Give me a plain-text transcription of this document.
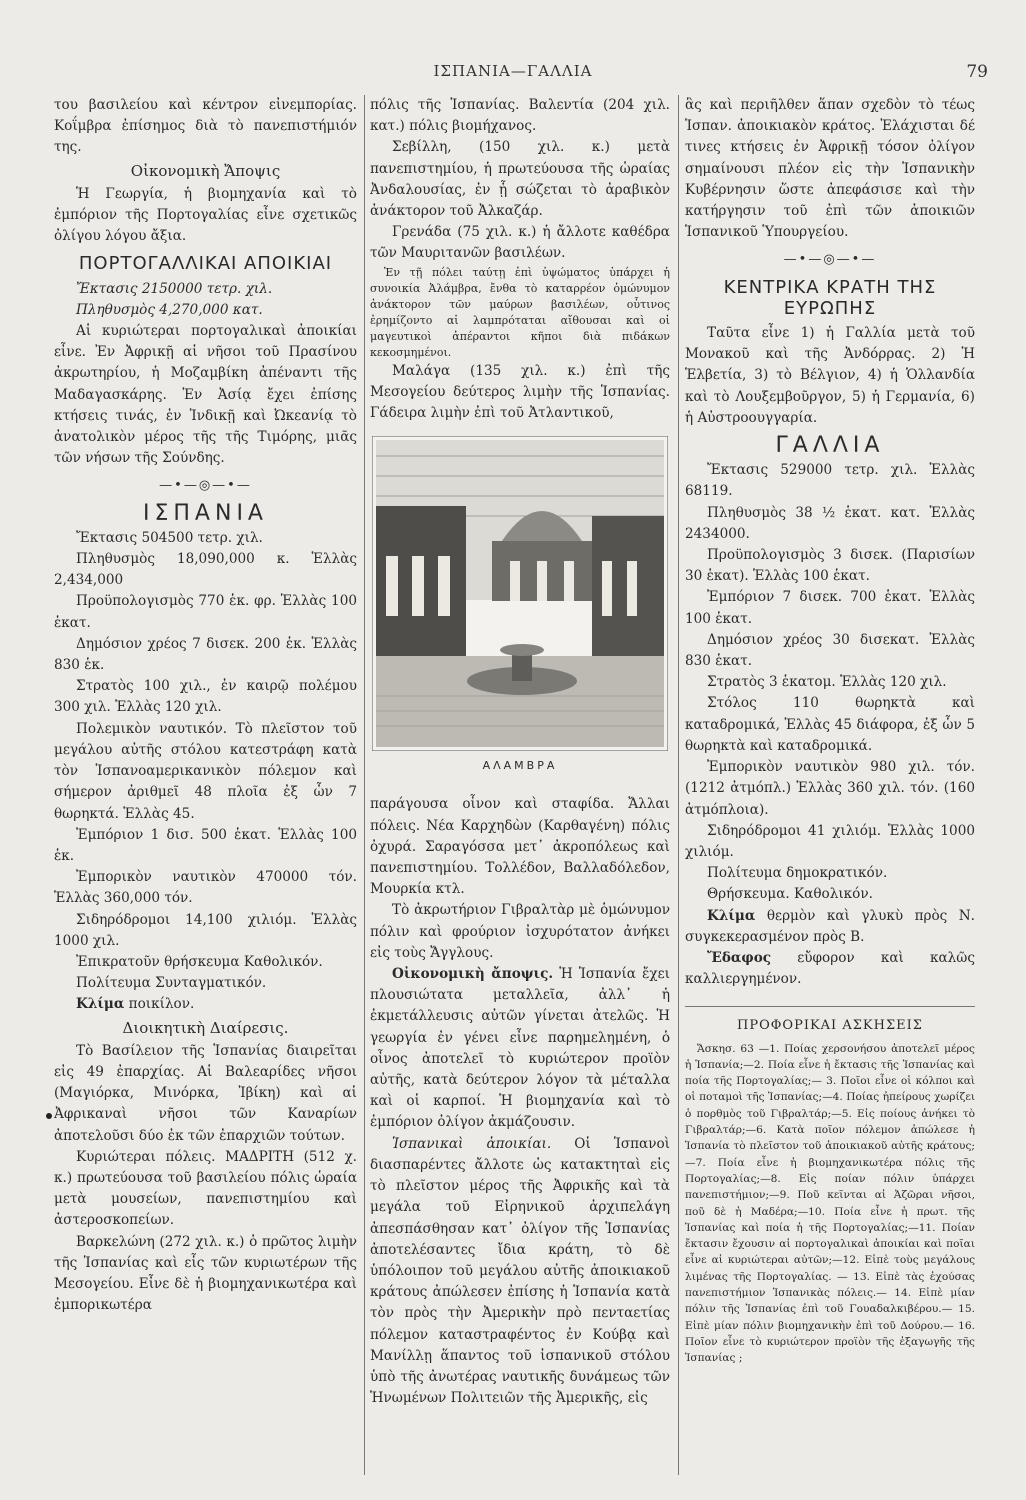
ΙΣΠΑΝΙΑ—ΓΑΛΛΙΑ	79

του βασιλείου καὶ κέντρον εἰνεμπορίας. Κοΐμβρα ἐπίσημος διὰ τὸ πανεπιστήμιόν της.

Οἰκονομικὴ Ἄποψις

Ἡ Γεωργία, ἡ βιομηχανία καὶ τὸ ἐμπόριον τῆς Πορτογαλίας εἶνε σχετικῶς ὀλίγου λόγου ἄξια.

ΠΟΡΤΟΓΑΛΛΙΚΑΙ ΑΠΟΙΚΙΑΙ

Ἔκτασις 2150000 τετρ. χιλ.

Πληθυσμὸς 4,270,000 κατ.

Αἱ κυριώτεραι πορτογαλικαὶ ἀποικίαι εἶνε. Ἐν Ἀφρικῇ αἱ νῆσοι τοῦ Πρασίνου ἀκρωτηρίου, ἡ Μοζαμβίκη ἀπέναντι τῆς Μαδαγασκάρης. Ἐν Ἀσίᾳ ἔχει ἐπίσης κτήσεις τινάς, ἐν Ἰνδικῇ καὶ Ὠκεανίᾳ τὸ ἀνατολικὸν μέρος τῆς τῆς Τιμόρης, μιᾶς τῶν νήσων τῆς Σούνδης.

—•—◎—•—
ΙΣΠΑΝΙΑ

Ἔκτασις 504500 τετρ. χιλ.

Πληθυσμὸς 18,090,000 κ. Ἑλλὰς 2,434,000

Προϋπολογισμὸς 770 ἑκ. φρ. Ἑλλὰς 100 ἑκατ.

Δημόσιον χρέος 7 δισεκ. 200 ἑκ. Ἑλλὰς 830 ἑκ.

Στρατὸς 100 χιλ., ἐν καιρῷ πολέμου 300 χιλ. Ἑλλὰς 120 χιλ.

Πολεμικὸν ναυτικόν. Τὸ πλεῖστον τοῦ μεγάλου αὐτῆς στόλου κατεστράφη κατὰ τὸν Ἱσπανοαμερικανικὸν πόλεμον καὶ σήμερον ἀριθμεῖ 48 πλοῖα ἐξ ὧν 7 θωρηκτά. Ἑλλὰς 45.

Ἐμπόριον 1 δισ. 500 ἑκατ. Ἑλλὰς 100 ἑκ.

Ἐμπορικὸν ναυτικὸν 470000 τόν. Ἑλλὰς 360,000 τόν.

Σιδηρόδρομοι 14,100 χιλιόμ. Ἑλλὰς 1000 χιλ.

Ἐπικρατοῦν θρήσκευμα Καθολικόν.

Πολίτευμα Συνταγματικόν.

Κλίμα ποικίλον.

Διοικητικὴ Διαίρεσις.

Τὸ Βασίλειον τῆς Ἱσπανίας διαιρεῖται εἰς 49 ἐπαρχίας. Αἱ Βαλεαρίδες νῆσοι (Μαγιόρκα, Μινόρκα, Ἰβίκη) καὶ αἱ Ἀφρικαναὶ νῆσοι τῶν Καναρίων ἀποτελοῦσι δύο ἐκ τῶν ἐπαρχιῶν τούτων.

Κυριώτεραι πόλεις. ΜΑΔΡΙΤΗ (512 χ. κ.) πρωτεύουσα τοῦ βασιλείου πόλις ὡραία μετὰ μουσείων, πανεπιστημίου καὶ ἀστεροσκοπείων.

Βαρκελώνη (272 χιλ. κ.) ὁ πρῶτος λιμὴν τῆς Ἱσπανίας καὶ εἷς τῶν κυριωτέρων τῆς Μεσογείου. Εἶνε δὲ ἡ βιομηχανικωτέρα καὶ ἐμπορικωτέρα

πόλις τῆς Ἱσπανίας. Βαλεντία (204 χιλ. κατ.) πόλις βιομήχανος.

Σεβίλλη, (150 χιλ. κ.) μετὰ πανεπιστημίου, ἡ πρωτεύουσα τῆς ὡραίας Ἀνδαλουσίας, ἐν ᾗ σώζεται τὸ ἀραβικὸν ἀνάκτορον τοῦ Ἀλκαζάρ.

Γρενάδα (75 χιλ. κ.) ἡ ἄλλοτε καθέδρα τῶν Μαυριτανῶν βασιλέων.

Ἐν τῇ πόλει ταύτῃ ἐπὶ ὑψώματος ὑπάρχει ἡ συνοικία Ἀλάμβρα, ἔνθα τὸ καταρρέον ὁμώνυμον ἀνάκτορον τῶν μαύρων βασιλέων, οὗτινος ἐρημίζοντο αἱ λαμπρόταται αἴθουσαι καὶ οἱ μαγευτικοὶ ἀπέραντοι κῆποι διὰ πιδάκων κεκοσμημένοι.

Μαλάγα (135 χιλ. κ.) ἐπὶ τῆς Μεσογείου δεύτερος λιμὴν τῆς Ἱσπανίας. Γάδειρα λιμὴν ἐπὶ τοῦ Ἀτλαντικοῦ,

ΑΛΑΜΒΡΑ

παράγουσα οἶνον καὶ σταφίδα. Ἄλλαι πόλεις. Νέα Καρχηδὼν (Καρθαγένη) πόλις ὀχυρά. Σαραγόσσα μετ᾽ ἀκροπόλεως καὶ πανεπιστημίου. Τολλέδον, Βαλλαδόλεδον, Μουρκία κτλ.

Τὸ ἀκρωτήριον Γιβραλτὰρ μὲ ὁμώνυμον πόλιν καὶ φρούριον ἰσχυρότατον ἀνήκει εἰς τοὺς Ἄγγλους.

Οἰκονομικὴ ἄποψις. Ἡ Ἱσπανία ἔχει πλουσιώτατα μεταλλεῖα, ἀλλ᾽ ἡ ἐκμετάλλευσις αὐτῶν γίνεται ἀτελῶς. Ἡ γεωργία ἐν γένει εἶνε παρημελημένη, ὁ οἶνος ἀποτελεῖ τὸ κυριώτερον προϊὸν αὐτῆς, κατὰ δεύτερον λόγον τὰ μέταλλα καὶ οἱ καρποί. Ἡ βιομηχανία καὶ τὸ ἐμπόριον ὀλίγον ἀκμάζουσιν.

Ἱσπανικαὶ ἀποικίαι. Οἱ Ἱσπανοὶ διασπαρέντες ἄλλοτε ὡς κατακτηταὶ εἰς τὸ πλεῖστον μέρος τῆς Ἀφρικῆς καὶ τὰ μεγάλα τοῦ Εἰρηνικοῦ ἀρχιπελάγη ἀπεσπάσθησαν κατ᾽ ὀλίγον τῆς Ἱσπανίας ἀποτελέσαντες ἴδια κράτη, τὸ δὲ ὑπόλοιπον τοῦ μεγάλου αὐτῆς ἀποικιακοῦ κράτους ἀπώλεσεν ἐπίσης ἡ Ἱσπανία κατὰ τὸν πρὸς τὴν Ἀμερικὴν πρὸ πενταετίας πόλεμον καταστραφέντος ἐν Κούβᾳ καὶ Μανίλλῃ ἅπαντος τοῦ ἱσπανικοῦ στόλου ὑπὸ τῆς ἀνωτέρας ναυτικῆς δυνάμεως τῶν Ἡνωμένων Πολιτειῶν τῆς Ἀμερικῆς, εἰς

ἃς καὶ περιῆλθεν ἅπαν σχεδὸν τὸ τέως Ἱσπαν. ἀποικιακὸν κράτος. Ἐλάχισται δέ τινες κτήσεις ἐν Ἀφρικῇ τόσον ὀλίγον σημαίνουσι πλέον εἰς τὴν Ἱσπανικὴν Κυβέρνησιν ὥστε ἀπεφάσισε καὶ τὴν κατήργησιν τοῦ ἐπὶ τῶν ἀποικιῶν Ἱσπανικοῦ Ὑπουργείου.

—•—◎—•—
ΚΕΝΤΡΙΚΑ ΚΡΑΤΗ ΤΗΣ ΕΥΡΩΠΗΣ

Ταῦτα εἶνε 1) ἡ Γαλλία μετὰ τοῦ Μονακοῦ καὶ τῆς Ἀνδόρρας. 2) Ἡ Ἑλβετία, 3) τὸ Βέλγιον, 4) ἡ Ὁλλανδία καὶ τὸ Λουξεμβοῦργον, 5) ἡ Γερμανία, 6) ἡ Αὐστροουγγαρία.

ΓΑΛΛΙΑ

Ἔκτασις 529000 τετρ. χιλ. Ἑλλὰς 68119.

Πληθυσμὸς 38 ½ ἑκατ. κατ. Ἑλλὰς 2434000.

Προϋπολογισμὸς 3 δισεκ. (Παρισίων 30 ἑκατ). Ἑλλὰς 100 ἑκατ.

Ἐμπόριον 7 δισεκ. 700 ἑκατ. Ἑλλὰς 100 ἑκατ.

Δημόσιον χρέος 30 δισεκατ. Ἑλλὰς 830 ἑκατ.

Στρατὸς 3 ἑκατομ. Ἑλλὰς 120 χιλ.

Στόλος 110 θωρηκτὰ καὶ καταδρομικά, Ἑλλὰς 45 διάφορα, ἐξ ὧν 5 θωρηκτὰ καὶ καταδρομικά.

Ἐμπορικὸν ναυτικὸν 980 χιλ. τόν. (1212 ἀτμόπλ.) Ἑλλὰς 360 χιλ. τόν. (160 ἀτμόπλοια).

Σιδηρόδρομοι 41 χιλιόμ. Ἑλλὰς 1000 χιλιόμ.

Πολίτευμα δημοκρατικόν.

Θρήσκευμα. Καθολικόν.

Κλίμα θερμὸν καὶ γλυκὺ πρὸς Ν. συγκεκερασμένον πρὸς Β.

Ἔδαφος εὔφορον καὶ καλῶς καλλιεργημένον.

ΠΡΟΦΟΡΙΚΑΙ ΑΣΚΗΣΕΙΣ

Ἄσκησ. 63 —1. Ποίας χερσονήσου ἀποτελεῖ μέρος ἡ Ἱσπανία;—2. Ποία εἶνε ἡ ἔκτασις τῆς Ἱσπανίας καὶ ποία τῆς Πορτογαλίας;— 3. Ποῖοι εἶνε οἱ κόλποι καὶ οἱ ποταμοὶ τῆς Ἱσπανίας;—4. Ποίας ἠπείρους χωρίζει ὁ πορθμὸς τοῦ Γιβραλτάρ;—5. Εἰς ποίους ἀνήκει τὸ Γιβραλτάρ;—6. Κατὰ ποῖον πόλεμον ἀπώλεσε ἡ Ἱσπανία τὸ πλεῖστον τοῦ ἀποικιακοῦ αὐτῆς κράτους;—7. Ποία εἶνε ἡ βιομηχανικωτέρα πόλις τῆς Πορτογαλίας;—8. Εἰς ποίαν πόλιν ὑπάρχει πανεπιστήμιον;—9. Ποῦ κεῖνται αἱ Ἀζῶραι νῆσοι, ποῦ δὲ ἡ Μαδέρα;—10. Ποία εἶνε ἡ πρωτ. τῆς Ἱσπανίας καὶ ποία ἡ τῆς Πορτογαλίας;—11. Ποίαν ἔκτασιν ἔχουσιν αἱ πορτογαλικαὶ ἀποικίαι καὶ ποῖαι εἶνε αἱ κυριώτεραι αὐτῶν;—12. Εἰπὲ τοὺς μεγάλους λιμένας τῆς Πορτογαλίας. — 13. Εἰπὲ τὰς ἐχούσας πανεπιστήμιον Ἱσπανικὰς πόλεις.— 14. Εἰπὲ μίαν πόλιν τῆς Ἱσπανίας ἐπὶ τοῦ Γουαδαλκιβέρου.— 15. Εἰπὲ μίαν πόλιν βιομηχανικὴν ἐπὶ τοῦ Δούρου.— 16. Ποῖον εἶνε τὸ κυριώτερον προϊὸν τῆς ἐξαγωγῆς τῆς Ἱσπανίας ;
